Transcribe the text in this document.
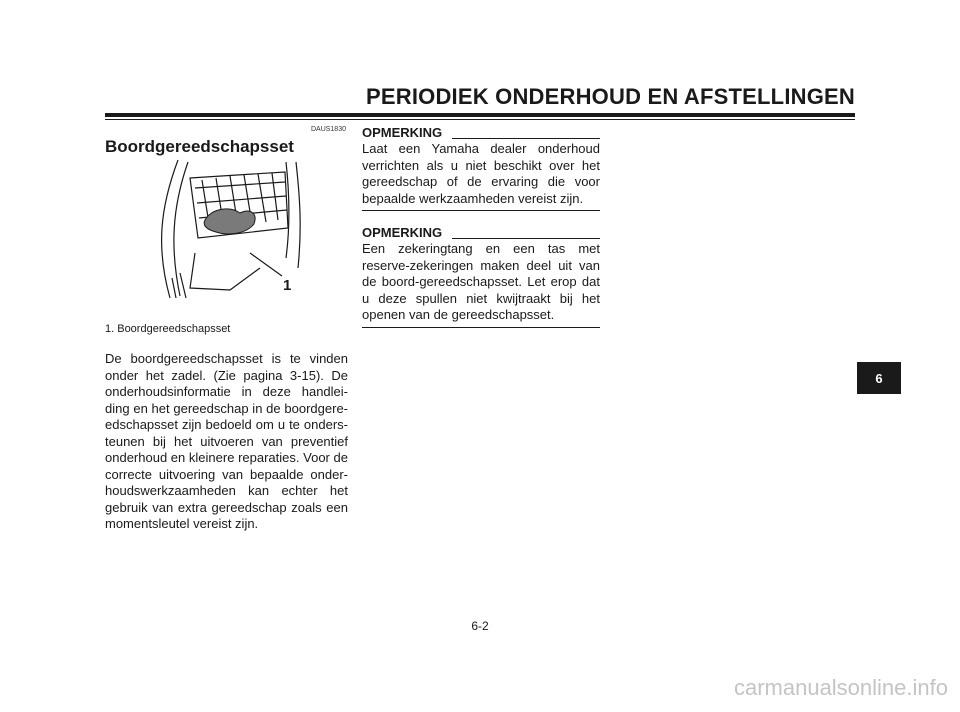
PERIODIEK ONDERHOUD EN AFSTELLINGEN
DAUS1830
Boordgereedschapsset
1
1. Boordgereedschapsset

De boordgereedschapsset is te vinden onder het zadel. (Zie pagina 3-15). De onderhoudsinformatie in deze handlei-ding en het gereedschap in de boordgere-edschapsset zijn bedoeld om u te onders-teunen bij het uitvoeren van preventief onderhoud en kleinere reparaties. Voor de correcte uitvoering van bepaalde onder-houdswerkzaamheden kan echter het gebruik van extra gereedschap zoals een momentsleutel vereist zijn.

OPMERKING

Laat een Yamaha dealer onderhoud verrichten als u niet beschikt over het gereedschap of de ervaring die voor bepaalde werkzaamheden vereist zijn.

OPMERKING

Een zekeringtang en een tas met reserve-zekeringen maken deel uit van de boord-gereedschapsset. Let erop dat u deze spullen niet kwijtraakt bij het openen van de gereedschapsset.

6
6-2
carmanualsonline.info
